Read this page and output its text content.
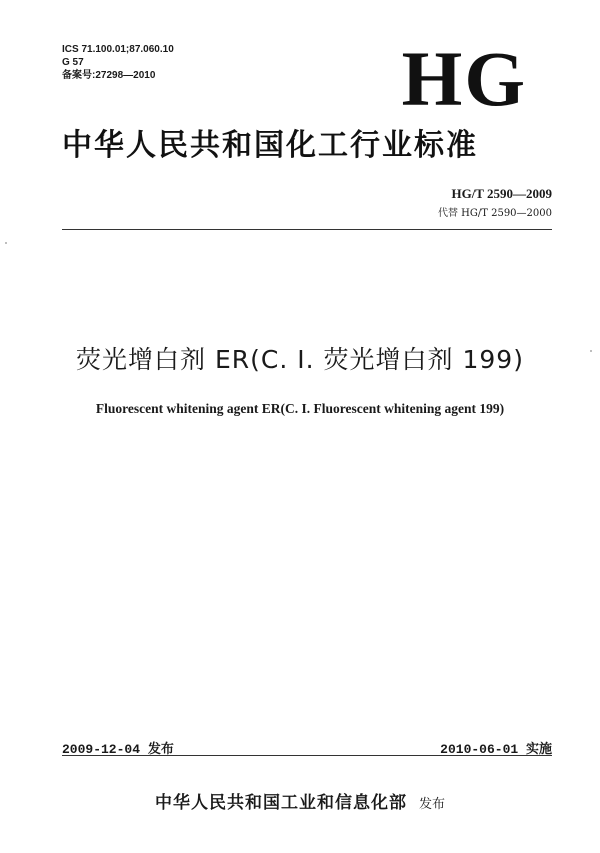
ICS 71.100.01;87.060.10
G 57
备案号:27298—2010	HG
中华人民共和国化工行业标准
HG/T 2590—2009
代替 HG/T 2590—2000
荧光增白剂 ER(C. I. 荧光增白剂 199)
Fluorescent whitening agent ER(C. I. Fluorescent whitening agent 199)
2009-12-04 发布	2010-06-01 实施
中华人民共和国工业和信息化部 发布
